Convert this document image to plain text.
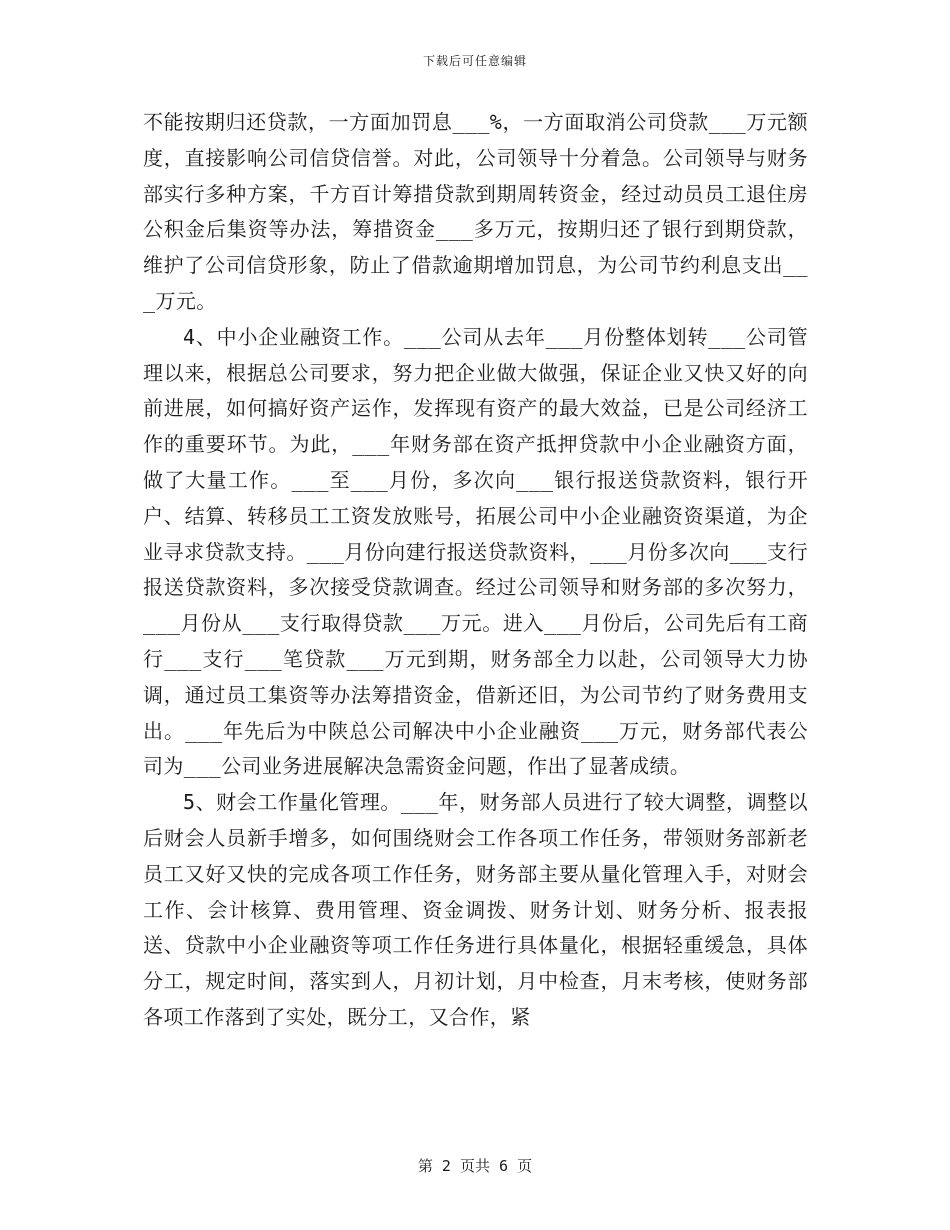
下载后可任意编辑

不能按期归还贷款，一方面加罚息___%，一方面取消公司贷款___万元额度，直接影响公司信贷信誉。对此，公司领导十分着急。公司领导与财务部实行多种方案，千方百计筹措贷款到期周转资金，经过动员员工退住房公积金后集资等办法，筹措资金___多万元，按期归还了银行到期贷款，维护了公司信贷形象，防止了借款逾期增加罚息，为公司节约利息支出___万元。

4、中小企业融资工作。___公司从去年___月份整体划转___公司管理以来，根据总公司要求，努力把企业做大做强，保证企业又快又好的向前进展，如何搞好资产运作，发挥现有资产的最大效益，已是公司经济工作的重要环节。为此，___年财务部在资产抵押贷款中小企业融资方面，做了大量工作。___至___月份，多次向___银行报送贷款资料，银行开户、结算、转移员工工资发放账号，拓展公司中小企业融资资渠道，为企业寻求贷款支持。___月份向建行报送贷款资料，___月份多次向___支行报送贷款资料，多次接受贷款调查。经过公司领导和财务部的多次努力，___月份从___支行取得贷款___万元。进入___月份后，公司先后有工商行___支行___笔贷款___万元到期，财务部全力以赴，公司领导大力协调，通过员工集资等办法筹措资金，借新还旧，为公司节约了财务费用支出。___年先后为中陕总公司解决中小企业融资___万元，财务部代表公司为___公司业务进展解决急需资金问题，作出了显著成绩。

5、财会工作量化管理。___年，财务部人员进行了较大调整，调整以后财会人员新手增多，如何围绕财会工作各项工作任务，带领财务部新老员工又好又快的完成各项工作任务，财务部主要从量化管理入手，对财会工作、会计核算、费用管理、资金调拨、财务计划、财务分析、报表报送、贷款中小企业融资等项工作任务进行具体量化，根据轻重缓急，具体分工，规定时间，落实到人，月初计划，月中检查，月末考核，使财务部各项工作落到了实处，既分工，又合作，紧

第 2 页共 6 页
